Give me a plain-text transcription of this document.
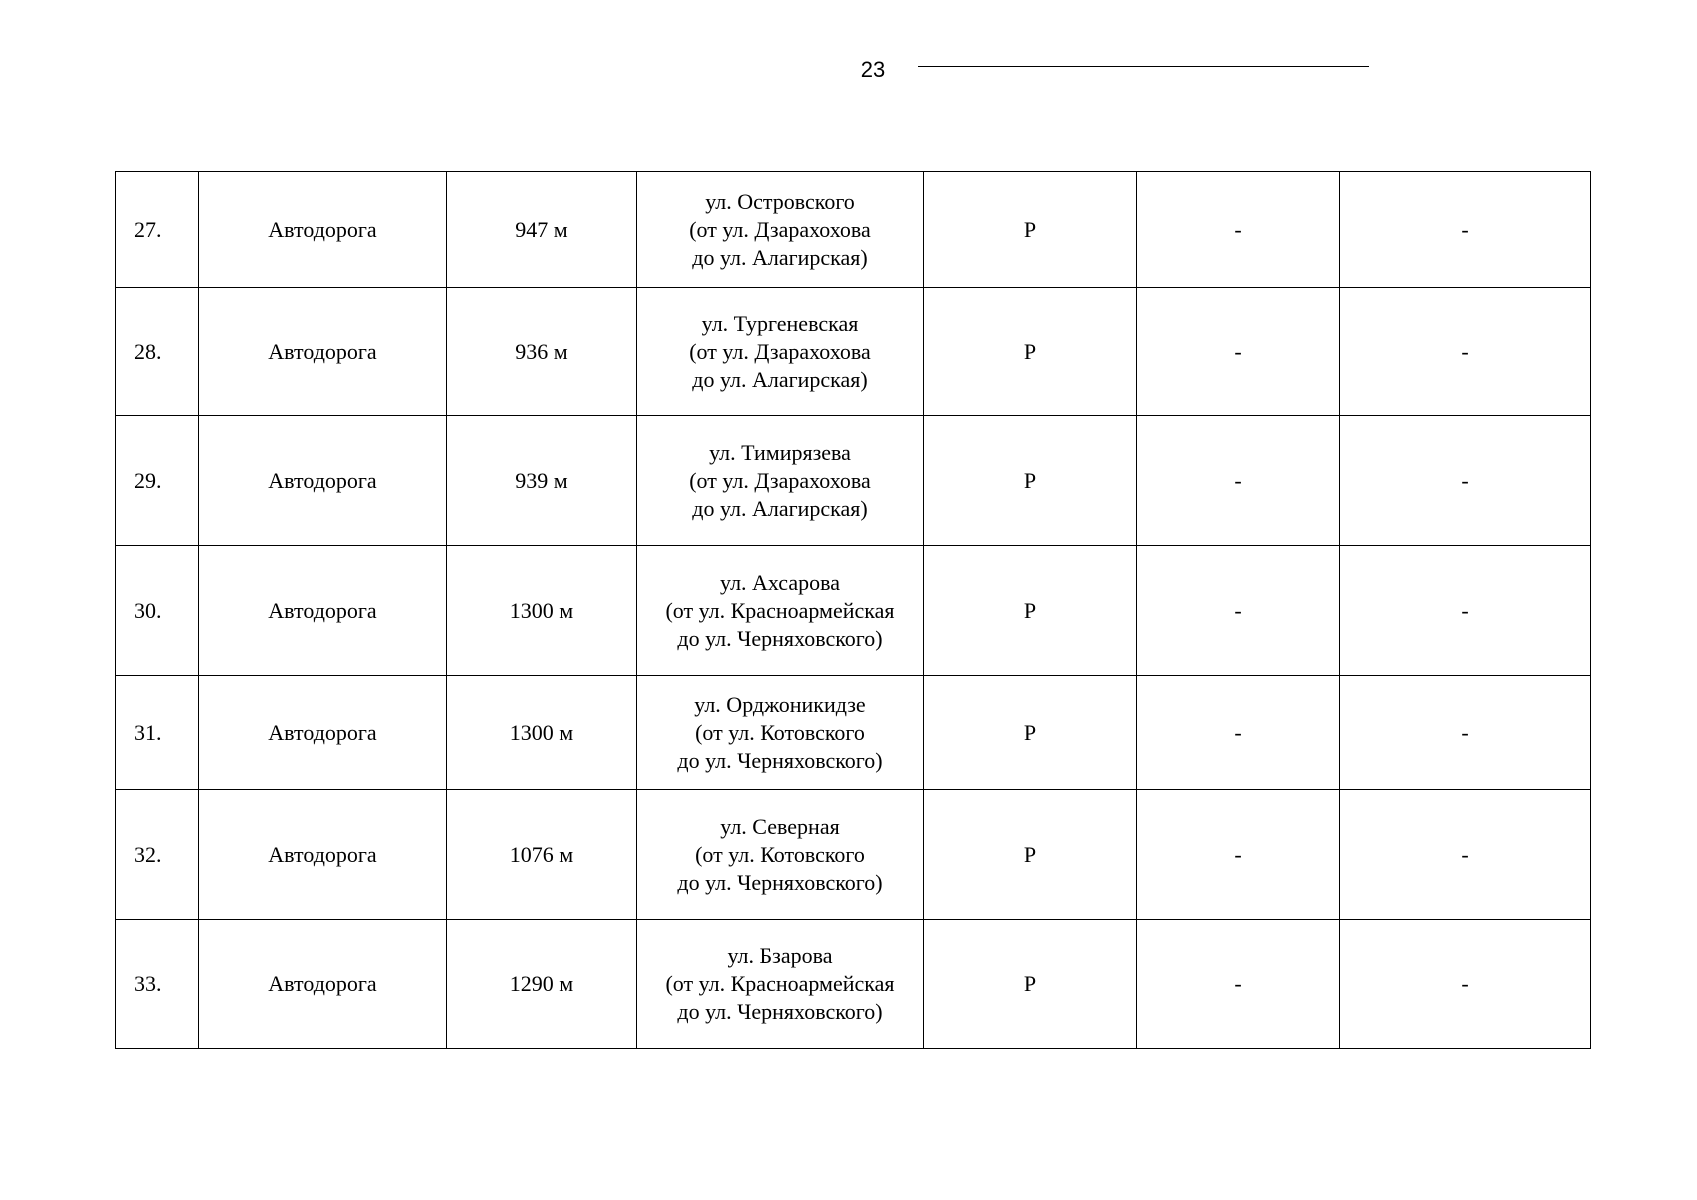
23
27.	Автодорога	947 м	ул. Островского
(от ул. Дзарахохова
до ул. Алагирская)	Р	-	-
28.	Автодорога	936 м	ул. Тургеневская
(от ул. Дзарахохова
до ул. Алагирская)	Р	-	-
29.	Автодорога	939 м	ул. Тимирязева
(от ул. Дзарахохова
до ул. Алагирская)	Р	-	-
30.	Автодорога	1300 м	ул. Ахсарова
(от ул. Красноармейская
до ул. Черняховского)	Р	-	-
31.	Автодорога	1300 м	ул. Орджоникидзе
(от ул. Котовского
до ул. Черняховского)	Р	-	-
32.	Автодорога	1076 м	ул. Северная
(от ул. Котовского
до ул. Черняховского)	Р	-	-
33.	Автодорога	1290 м	ул. Бзарова
(от ул. Красноармейская
до ул. Черняховского)	Р	-	-
